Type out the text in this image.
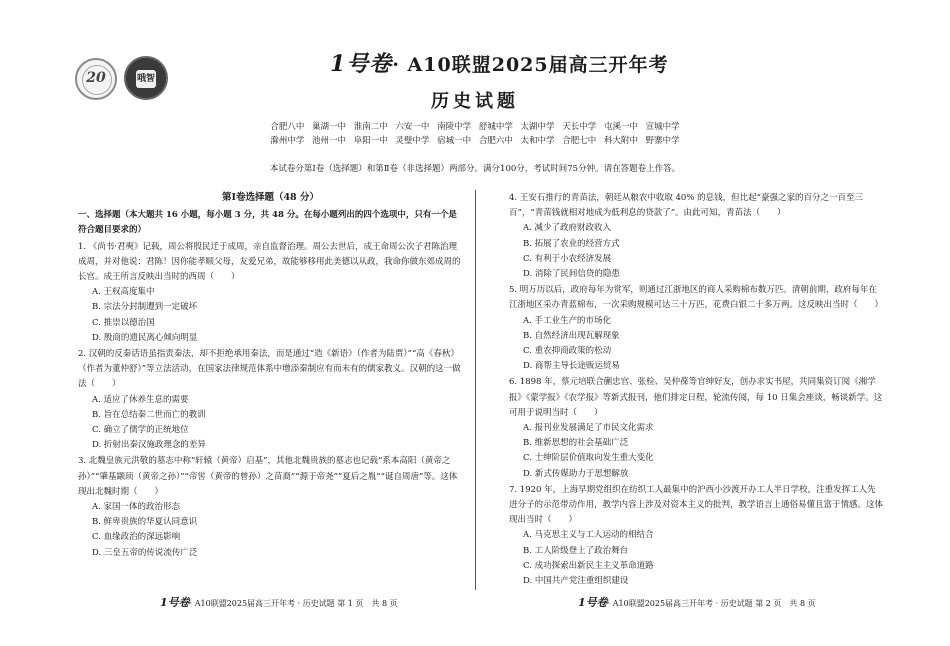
20	哦智
1号卷· A10联盟2025届高三开年考
历史试题
合肥八中 巢湖一中 淮南二中 六安一中 南陵中学 舒城中学 太湖中学 天长中学 屯溪一中 宣城中学
滁州中学 池州一中 阜阳一中 灵璧中学 宿城一中 合肥六中 太和中学 合肥七中 科大附中 野寨中学
本试卷分第Ⅰ卷（选择题）和第Ⅱ卷（非选择题）两部分。满分100分，考试时间75分钟。请在答题卷上作答。
第Ⅰ卷选择题（48 分）
一、选择题（本大题共 16 小题，每小题 3 分，共 48 分。在每小题列出的四个选项中，只有一个是符合题目要求的）
1. 《尚书·君奭》记载，周公将殷民迁于成周，亲自监督治理。周公去世后，成王命周公次子君陈治理成周，并对他说：君陈！因你能孝顺父母，友爱兄弟，故能够移用此美德以从政，我命你做东郊成周的长官。成王所言反映出当时的西周（　　）
A. 王权高度集中
B. 宗法分封制遭到一定破坏
C. 推崇以德治国
D. 殷商的遗民离心倾向明显
2. 汉朝的反秦话语虽指责秦法，却不拒绝承用秦法，而是通过“造《新语》（作者为陆贾）”“高《春秋》（作者为董仲舒）”等立法活动，在国家法律规范体系中增添秦制应有而未有的儒家教义。汉朝的这一做法（　　）
A. 适应了休养生息的需要
B. 旨在总结秦二世而亡的教训
C. 确立了儒学的正统地位
D. 折射出秦汉施政理念的差异
3. 北魏皇族元洪敬的墓志中称“轩辕（黄帝）启基”，其他北魏贵族的墓志也记载“系本高阳（黄帝之孙）”“肇基颛顼（黄帝之孙）”“帝喾（黄帝的曾孙）之苗裔”“源于帝尧”“夏后之胤”“诞自周唐”等。这体现出北魏时期（　　）
A. 家国一体的政治形态
B. 鲜卑贵族的华夏认同意识
C. 血缘政治的深远影响
D. 三皇五帝的传说流传广泛
4. 王安石推行的青苗法，朝廷从粮农中收取 40% 的息钱，但比起“豪强之家的百分之一百至三百”，“青苗钱就相对地成为低利息的贷款了”。由此可知，青苗法（　　）
A. 减少了政府财政收入
B. 拓展了农业的经营方式
C. 有利于小农经济发展
D. 消除了民间信贷的隐患
5. 明万历以后，政府每年为赏军，则通过江浙地区的商人采购棉布数万匹。清朝前期，政府每年在江浙地区采办青蓝棉布，一次采购规模可达三十万匹，花费白银二十多万两。这反映出当时（　　）
A. 手工业生产的市场化
B. 自然经济出现瓦解现象
C. 重农抑商政策的松动
D. 商帮主导长途贩运贸易
6. 1898 年，蔡元培联合蒯忠官、张检、吴仲葆等官绅好友，创办求实书屋，共同集资订阅《湘学报》《蒙学报》《农学报》等新式报刊，他们排定日程，轮流传阅，每 10 日集会座谈，畅谈新学。这可用于说明当时（　　）
A. 报刊业发展满足了市民文化需求
B. 维新思想的社会基础广泛
C. 士绅阶层价值取向发生重大变化
D. 新式传媒助力于思想解放
7. 1920 年，上海早期党组织在纺织工人最集中的沪西小沙渡开办工人半日学校，注重发挥工人先进分子的示范带动作用，教学内容上涉及对资本主义的批判，教学语言上通俗易懂且富于情感。这体现出当时（　　）
A. 马克思主义与工人运动的相结合
B. 工人阶级登上了政治舞台
C. 成功探索出新民主主义革命道路
D. 中国共产党注重组织建设
1号卷· A10联盟2025届高三开年考 · 历史试题 第 1 页　共 8 页	1号卷· A10联盟2025届高三开年考 · 历史试题 第 2 页　共 8 页
